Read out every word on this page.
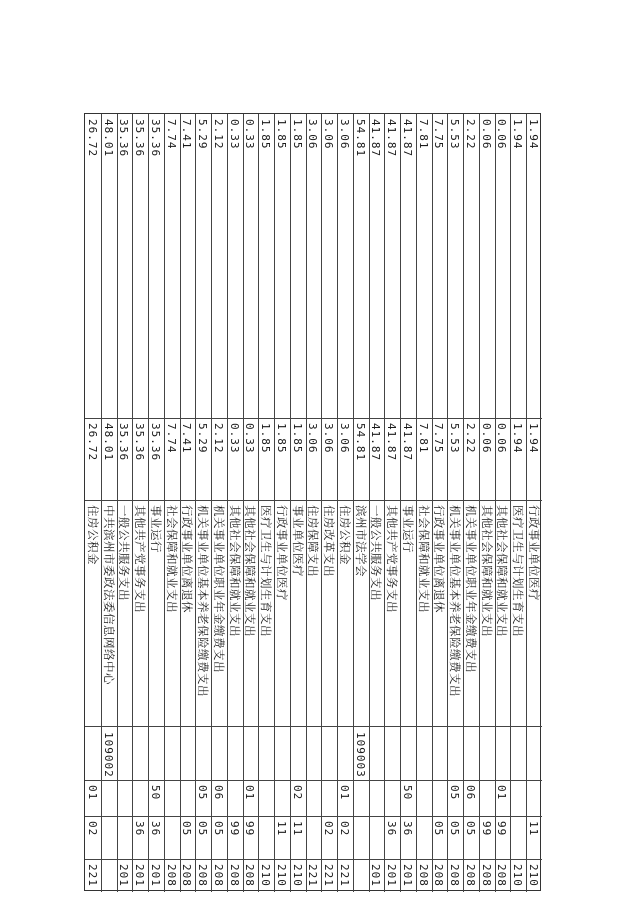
221
02
01
住房公积金
26.72
26.72
109002
中共滨州市委政法委信息网络中心
48.01
48.01
201
一般公共服务支出
35.36
35.36
201
36
其他共产党事务支出
35.36
35.36
201
36
50
事业运行
35.36
35.36
208
社会保障和就业支出
7.74
7.74
208
05
行政事业单位离退休
7.41
7.41
208
05
05
机关事业单位基本养老保险缴费支出
5.29
5.29
208
05
06
机关事业单位职业年金缴费支出
2.12
2.12
208
99
其他社会保障和就业支出
0.33
0.33
208
99
01
其他社会保障和就业支出
0.33
0.33
210
医疗卫生与计划生育支出
1.85
1.85
210
11
行政事业单位医疗
1.85
1.85
210
11
02
事业单位医疗
1.85
1.85
221
住房保障支出
3.06
3.06
221
02
住房改革支出
3.06
3.06
221
02
01
住房公积金
3.06
3.06
109003
滨州市法学会
54.81
54.81
201
一般公共服务支出
41.87
41.87
201
36
其他共产党事务支出
41.87
41.87
201
36
50
事业运行
41.87
41.87
208
社会保障和就业支出
7.81
7.81
208
05
行政事业单位离退休
7.75
7.75
208
05
05
机关事业单位基本养老保险缴费支出
5.53
5.53
208
05
06
机关事业单位职业年金缴费支出
2.22
2.22
208
99
其他社会保障和就业支出
0.06
0.06
208
99
01
其他社会保障和就业支出
0.06
0.06
210
医疗卫生与计划生育支出
1.94
1.94
210
11
行政事业单位医疗
1.94
1.94
